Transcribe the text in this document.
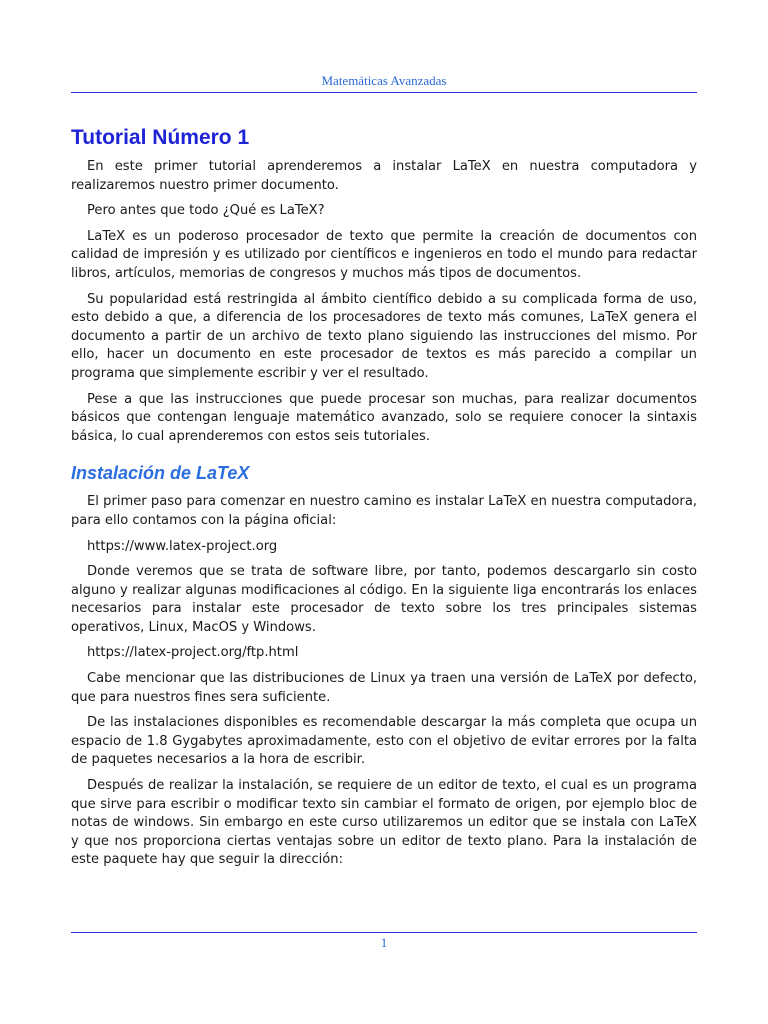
Matemáticas Avanzadas
Tutorial Número 1

En este primer tutorial aprenderemos a instalar LaTeX en nuestra computadora y realizaremos nuestro primer documento.

Pero antes que todo ¿Qué es LaTeX?

LaTeX es un poderoso procesador de texto que permite la creación de documentos con calidad de impresión y es utilizado por científicos e ingenieros en todo el mundo para redactar libros, artículos, memorias de congresos y muchos más tipos de documentos.

Su popularidad está restringida al ámbito científico debido a su complicada forma de uso, esto debido a que, a diferencia de los procesadores de texto más comunes, LaTeX genera el documento a partir de un archivo de texto plano siguiendo las instrucciones del mismo. Por ello, hacer un documento en este procesador de textos es más parecido a compilar un programa que simplemente escribir y ver el resultado.

Pese a que las instrucciones que puede procesar son muchas, para realizar documentos básicos que contengan lenguaje matemático avanzado, solo se requiere conocer la sintaxis básica, lo cual aprenderemos con estos seis tutoriales.

Instalación de LaTeX

El primer paso para comenzar en nuestro camino es instalar LaTeX en nuestra computadora, para ello contamos con la página oficial:

https://www.latex-project.org

Donde veremos que se trata de software libre, por tanto, podemos descargarlo sin costo alguno y realizar algunas modificaciones al código. En la siguiente liga encontrarás los enlaces necesarios para instalar este procesador de texto sobre los tres principales sistemas operativos, Linux, MacOS y Windows.

https://latex-project.org/ftp.html

Cabe mencionar que las distribuciones de Linux ya traen una versión de LaTeX por defecto, que para nuestros fines sera suficiente.

De las instalaciones disponibles es recomendable descargar la más completa que ocupa un espacio de 1.8 Gygabytes aproximadamente, esto con el objetivo de evitar errores por la falta de paquetes necesarios a la hora de escribir.

Después de realizar la instalación, se requiere de un editor de texto, el cual es un programa que sirve para escribir o modificar texto sin cambiar el formato de origen, por ejemplo bloc de notas de windows. Sin embargo en este curso utilizaremos un editor que se instala con LaTeX y que nos proporciona ciertas ventajas sobre un editor de texto plano. Para la instalación de este paquete hay que seguir la dirección:

1
